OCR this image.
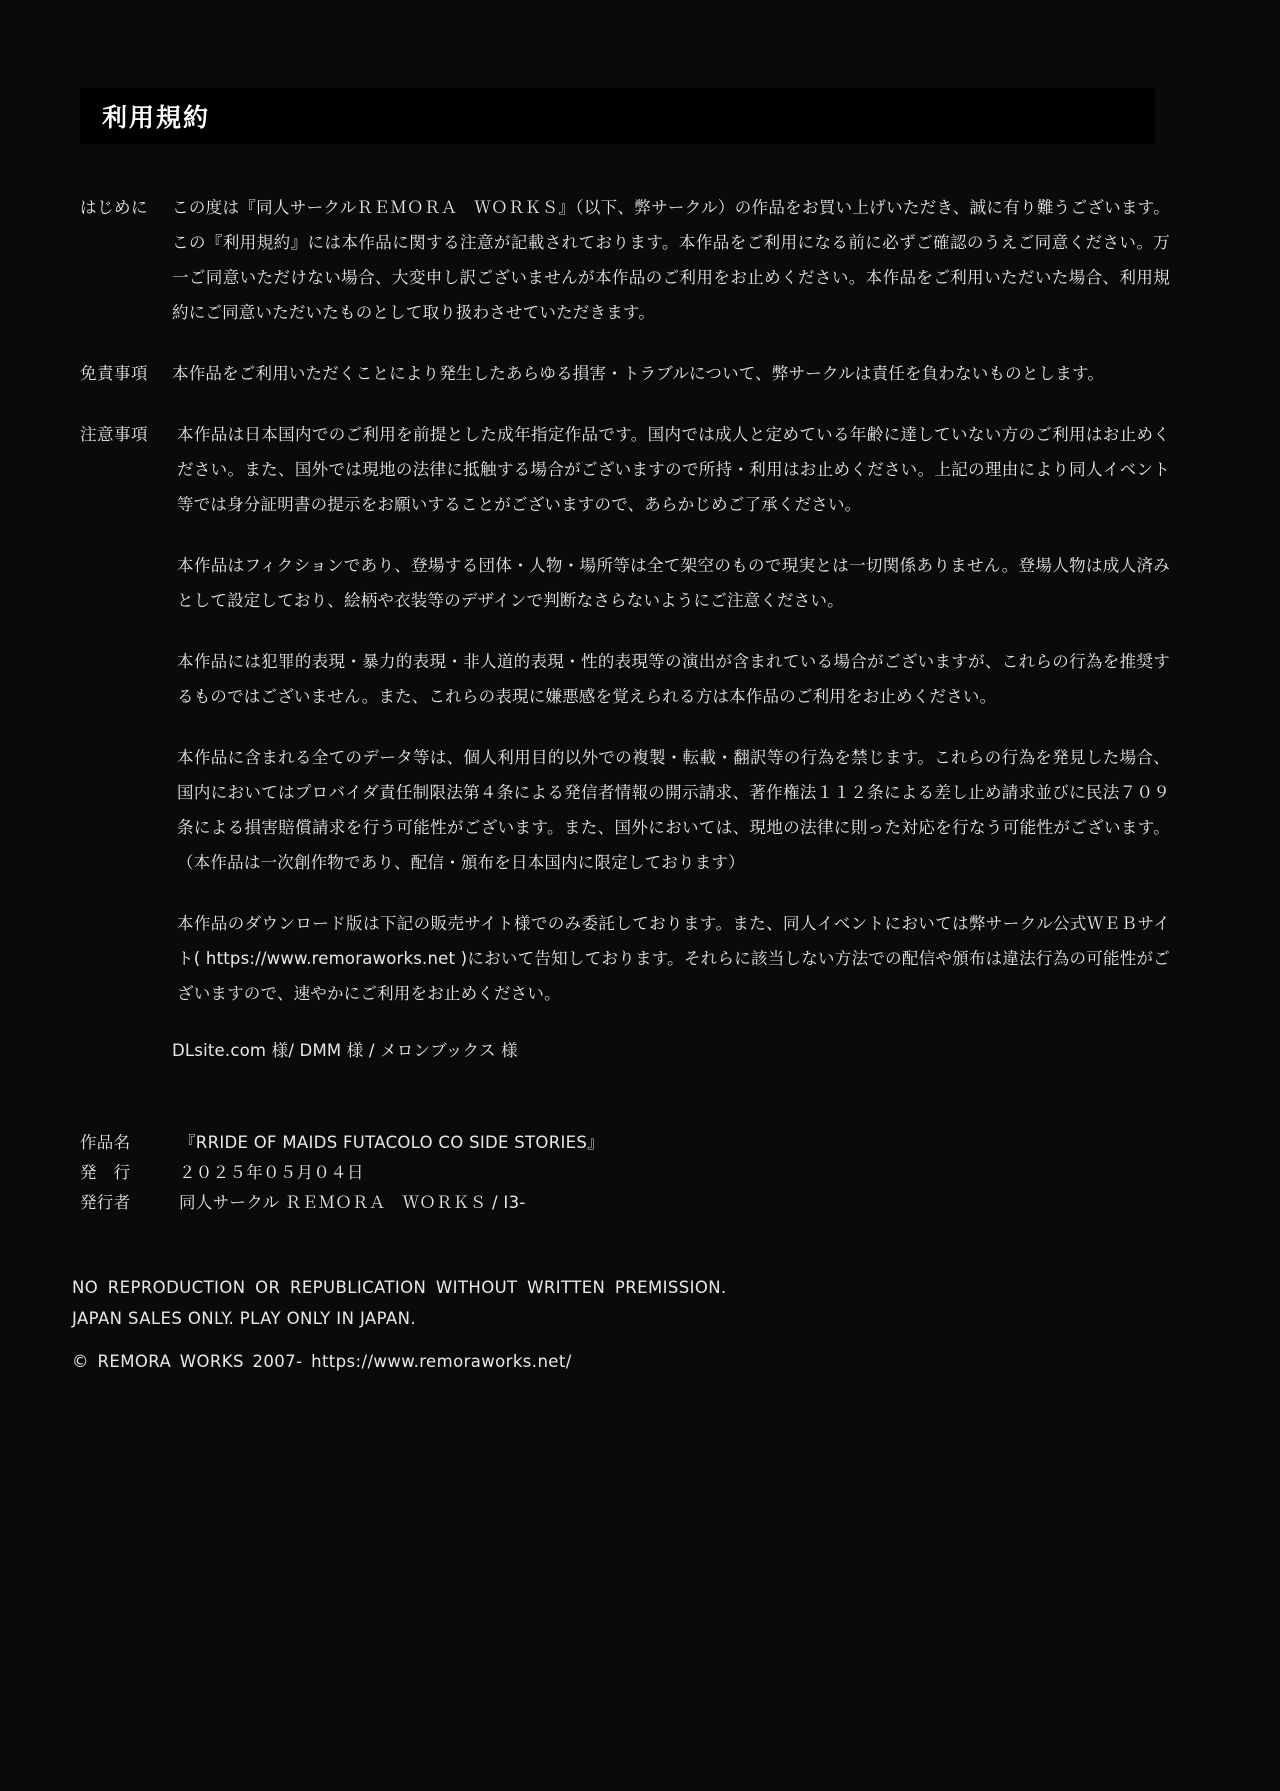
利用規約
はじめに	この度は『同人サークルＲＥＭＯＲＡ　ＷＯＲＫＳ』（以下、弊サークル）の作品をお買い上げいただき、誠に有り難うございます。この『利用規約』には本作品に関する注意が記載されております。本作品をご利用になる前に必ずご確認のうえご同意ください。万一ご同意いただけない場合、大変申し訳ございませんが本作品のご利用をお止めください。本作品をご利用いただいた場合、利用規約にご同意いただいたものとして取り扱わさせていただきます。

免責事項	本作品をご利用いただくことにより発生したあらゆる損害・トラブルについて、弊サークルは責任を負わないものとします。

注意事項	本作品は日本国内でのご利用を前提とした成年指定作品です。国内では成人と定めている年齢に達していない方のご利用はお止めください。また、国外では現地の法律に抵触する場合がございますので所持・利用はお止めください。上記の理由により同人イベント等では身分証明書の提示をお願いすることがございますので、あらかじめご了承ください。

本作品はフィクションであり、登場する団体・人物・場所等は全て架空のもので現実とは一切関係ありません。登場人物は成人済みとして設定しており、絵柄や衣装等のデザインで判断なさらないようにご注意ください。

本作品には犯罪的表現・暴力的表現・非人道的表現・性的表現等の演出が含まれている場合がございますが、これらの行為を推奨するものではございません。また、これらの表現に嫌悪感を覚えられる方は本作品のご利用をお止めください。

本作品に含まれる全てのデータ等は、個人利用目的以外での複製・転載・翻訳等の行為を禁じます。これらの行為を発見した場合、国内においてはプロバイダ責任制限法第４条による発信者情報の開示請求、著作権法１１２条による差し止め請求並びに民法７０９条による損害賠償請求を行う可能性がございます。また、国外においては、現地の法律に則った対応を行なう可能性がございます。（本作品は一次創作物であり、配信・頒布を日本国内に限定しております）

本作品のダウンロード版は下記の販売サイト様でのみ委託しております。また、同人イベントにおいては弊サークル公式ＷＥＢサイト( https://www.remoraworks.net )において告知しております。それらに該当しない方法での配信や頒布は違法行為の可能性がございますので、速やかにご利用をお止めください。

DLsite.com 様/ DMM 様 / メロンブックス 様
作品名	『RRIDE OF MAIDS FUTACOLO CO SIDE STORIES』
発　行	２０２５年０５月０４日
発行者	同人サークル ＲＥＭＯＲＡ　ＷＯＲＫＳ / I3-
NO REPRODUCTION OR REPUBLICATION WITHOUT WRITTEN PREMISSION.
JAPAN SALES ONLY. PLAY ONLY IN JAPAN.
© REMORA WORKS 2007- https://www.remoraworks.net/
